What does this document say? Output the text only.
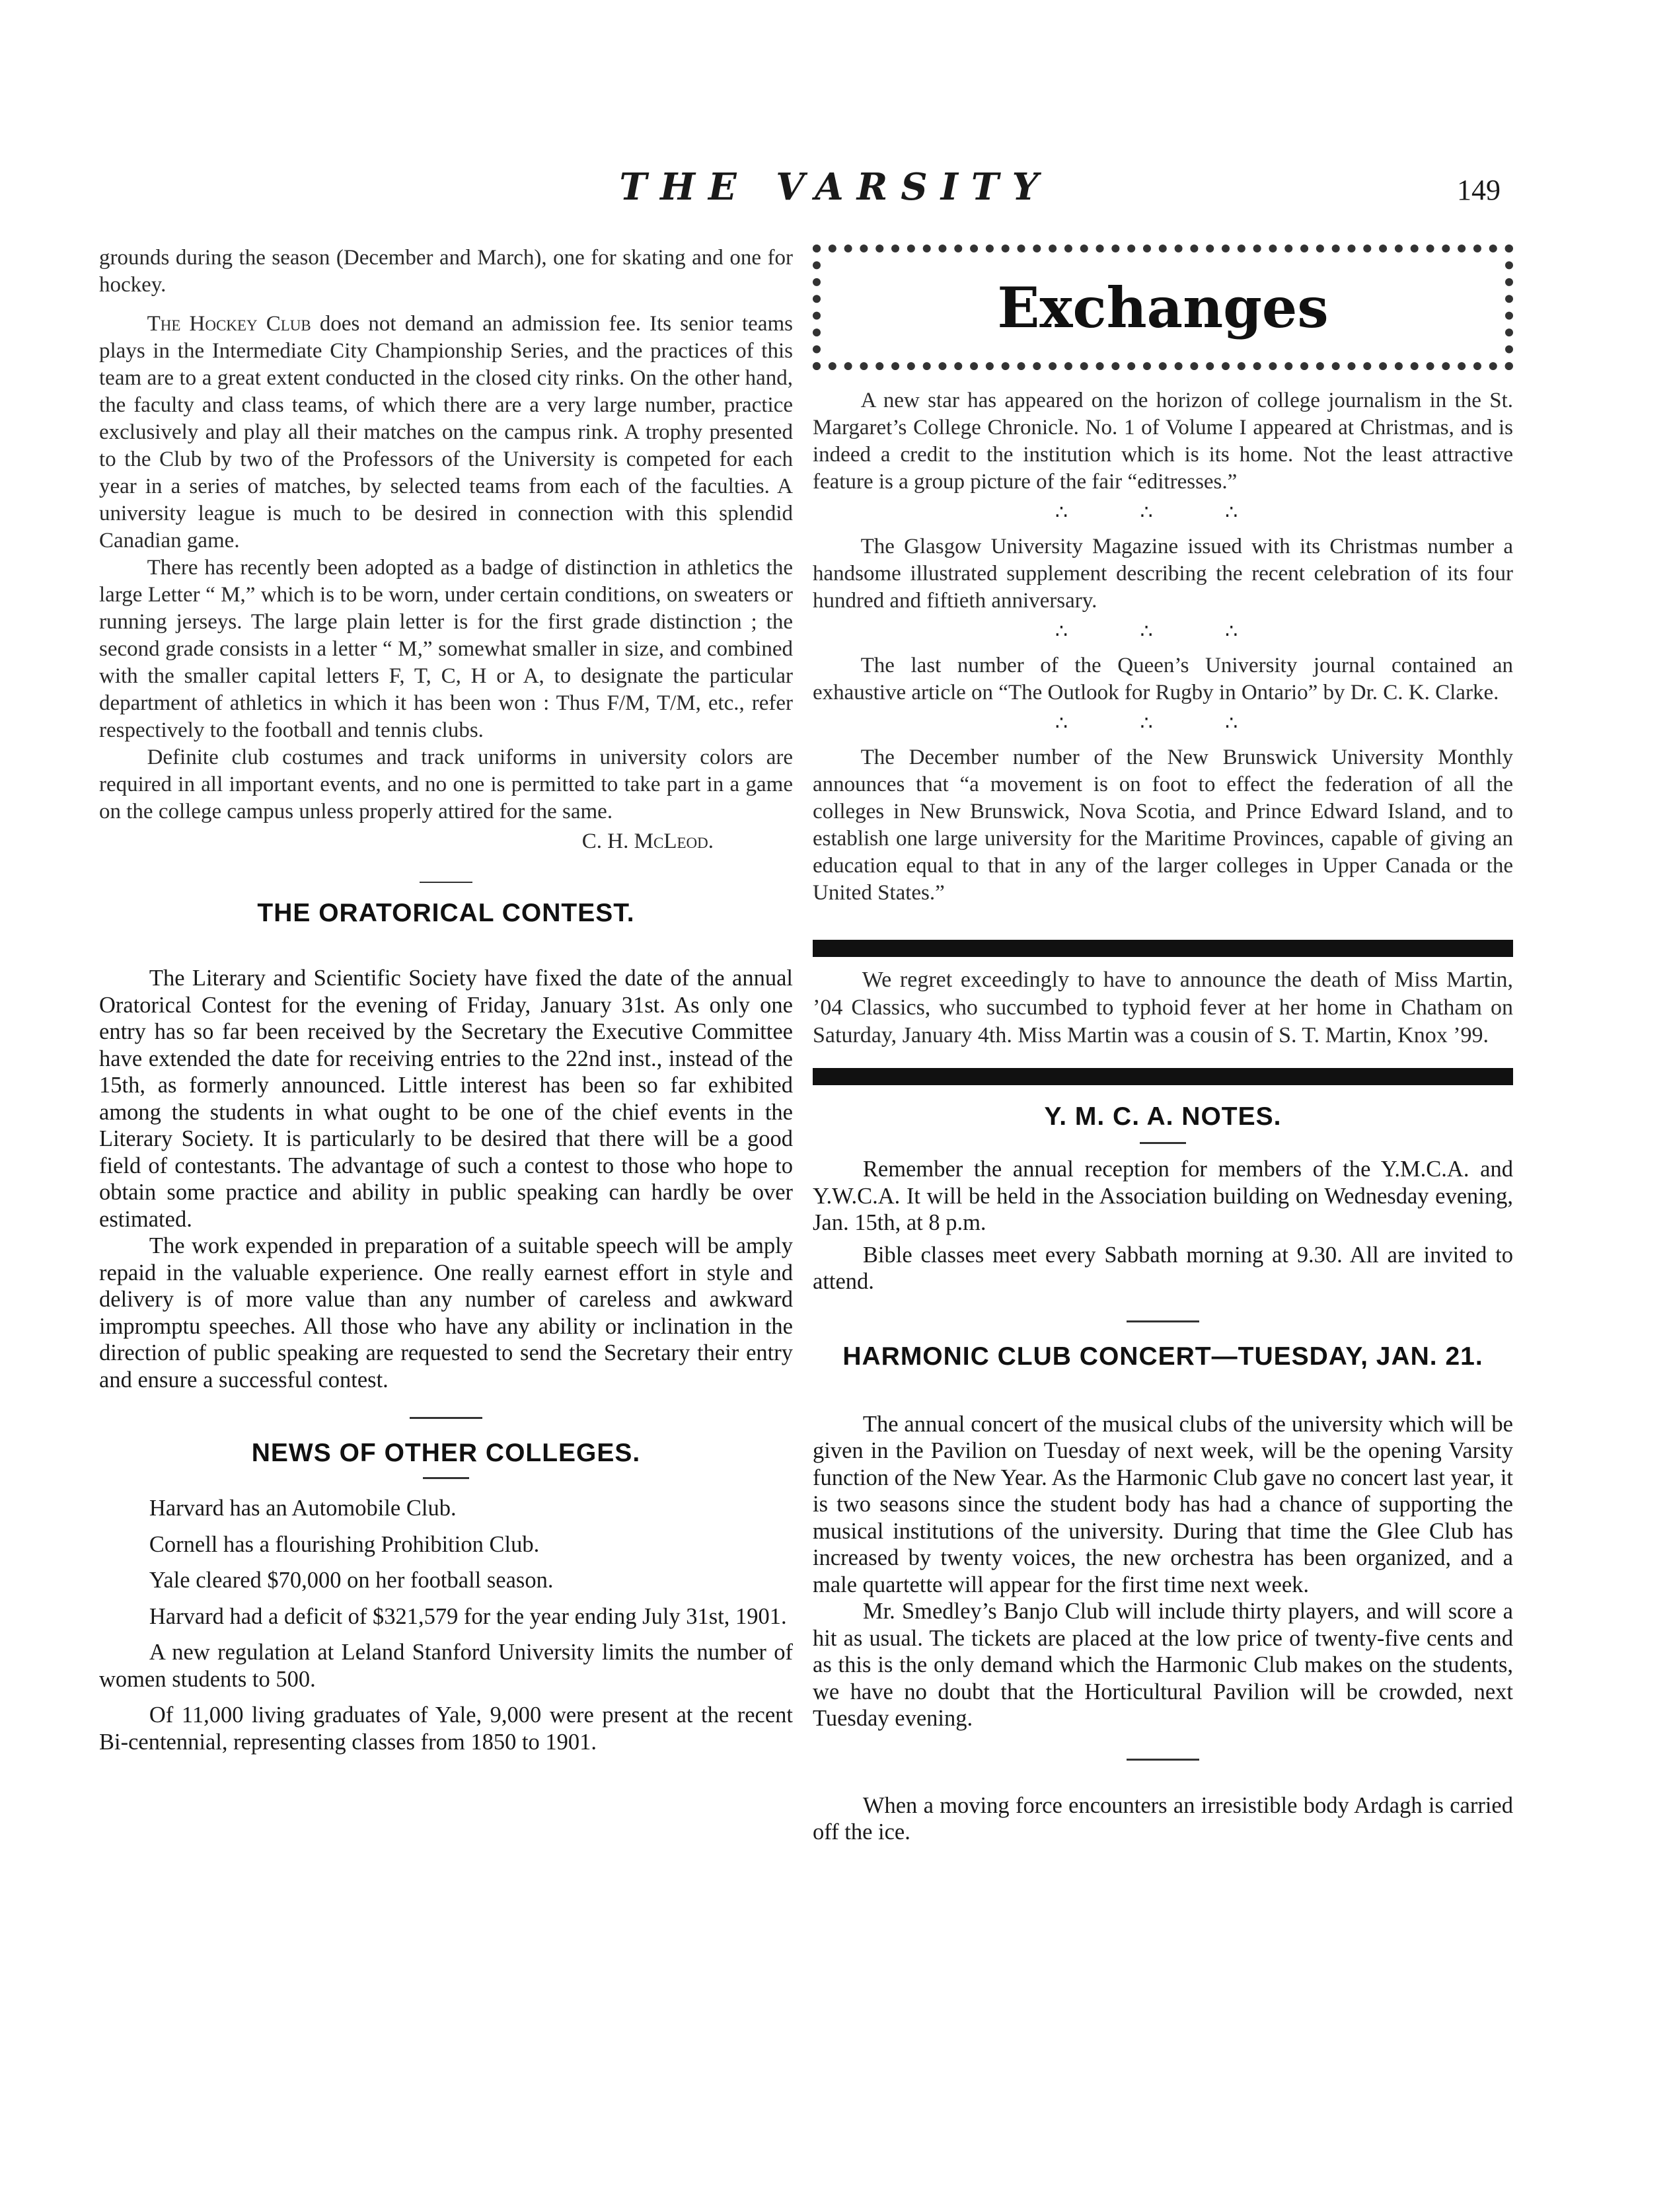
THE VARSITY	149

grounds during the season (December and March), one for skating and one for hockey.

The Hockey Club does not demand an admission fee. Its senior teams plays in the Intermediate City Championship Series, and the practices of this team are to a great extent conducted in the closed city rinks. On the other hand, the faculty and class teams, of which there are a very large number, practice exclusively and play all their matches on the campus rink. A trophy presented to the Club by two of the Professors of the University is competed for each year in a series of matches, by selected teams from each of the faculties. A university league is much to be desired in connection with this splendid Canadian game.

There has recently been adopted as a badge of distinction in athletics the large Letter “ M,” which is to be worn, under certain conditions, on sweaters or running jerseys. The large plain letter is for the first grade distinction ; the second grade consists in a letter “ M,” somewhat smaller in size, and combined with the smaller capital letters F, T, C, H or A, to designate the particular department of athletics in which it has been won : Thus F/M, T/M, etc., refer respectively to the football and tennis clubs.

Definite club costumes and track uniforms in university colors are required in all important events, and no one is permitted to take part in a game on the college campus unless properly attired for the same.

C. H. McLeod.

THE ORATORICAL CONTEST.

The Literary and Scientific Society have fixed the date of the annual Oratorical Contest for the evening of Friday, January 31st. As only one entry has so far been received by the Secretary the Executive Committee have extended the date for receiving entries to the 22nd inst., instead of the 15th, as formerly announced. Little interest has been so far exhibited among the students in what ought to be one of the chief events in the Literary Society. It is particularly to be desired that there will be a good field of contestants. The advantage of such a contest to those who hope to obtain some practice and ability in public speaking can hardly be over estimated.

The work expended in preparation of a suitable speech will be amply repaid in the valuable experience. One really earnest effort in style and delivery is of more value than any number of careless and awkward impromptu speeches. All those who have any ability or inclination in the direction of public speaking are requested to send the Secretary their entry and ensure a successful contest.

NEWS OF OTHER COLLEGES.

Harvard has an Automobile Club.

Cornell has a flourishing Prohibition Club.

Yale cleared $70,000 on her football season.

Harvard had a deficit of $321,579 for the year ending July 31st, 1901.

A new regulation at Leland Stanford University limits the number of women students to 500.

Of 11,000 living graduates of Yale, 9,000 were present at the recent Bi-centennial, representing classes from 1850 to 1901.

Exchanges

A new star has appeared on the horizon of college journalism in the St. Margaret’s College Chronicle. No. 1 of Volume I appeared at Christmas, and is indeed a credit to the institution which is its home. Not the least attractive feature is a group picture of the fair “editresses.”

∴ ∴ ∴

The Glasgow University Magazine issued with its Christmas number a handsome illustrated supplement describing the recent celebration of its four hundred and fiftieth anniversary.

∴ ∴ ∴

The last number of the Queen’s University journal contained an exhaustive article on “The Outlook for Rugby in Ontario” by Dr. C. K. Clarke.

∴ ∴ ∴

The December number of the New Brunswick University Monthly announces that “a movement is on foot to effect the federation of all the colleges in New Brunswick, Nova Scotia, and Prince Edward Island, and to establish one large university for the Maritime Provinces, capable of giving an education equal to that in any of the larger colleges in Upper Canada or the United States.”

We regret exceedingly to have to announce the death of Miss Martin, ’04 Classics, who succumbed to typhoid fever at her home in Chatham on Saturday, January 4th. Miss Martin was a cousin of S. T. Martin, Knox ’99.

Y. M. C. A. NOTES.

Remember the annual reception for members of the Y.M.C.A. and Y.W.C.A. It will be held in the Association building on Wednesday evening, Jan. 15th, at 8 p.m.

Bible classes meet every Sabbath morning at 9.30. All are invited to attend.

HARMONIC CLUB CONCERT—TUESDAY, JAN. 21.

The annual concert of the musical clubs of the university which will be given in the Pavilion on Tuesday of next week, will be the opening Varsity function of the New Year. As the Harmonic Club gave no concert last year, it is two seasons since the student body has had a chance of supporting the musical institutions of the university. During that time the Glee Club has increased by twenty voices, the new orchestra has been organized, and a male quartette will appear for the first time next week.

Mr. Smedley’s Banjo Club will include thirty players, and will score a hit as usual. The tickets are placed at the low price of twenty-five cents and as this is the only demand which the Harmonic Club makes on the students, we have no doubt that the Horticultural Pavilion will be crowded, next Tuesday evening.

When a moving force encounters an irresistible body Ardagh is carried off the ice.
